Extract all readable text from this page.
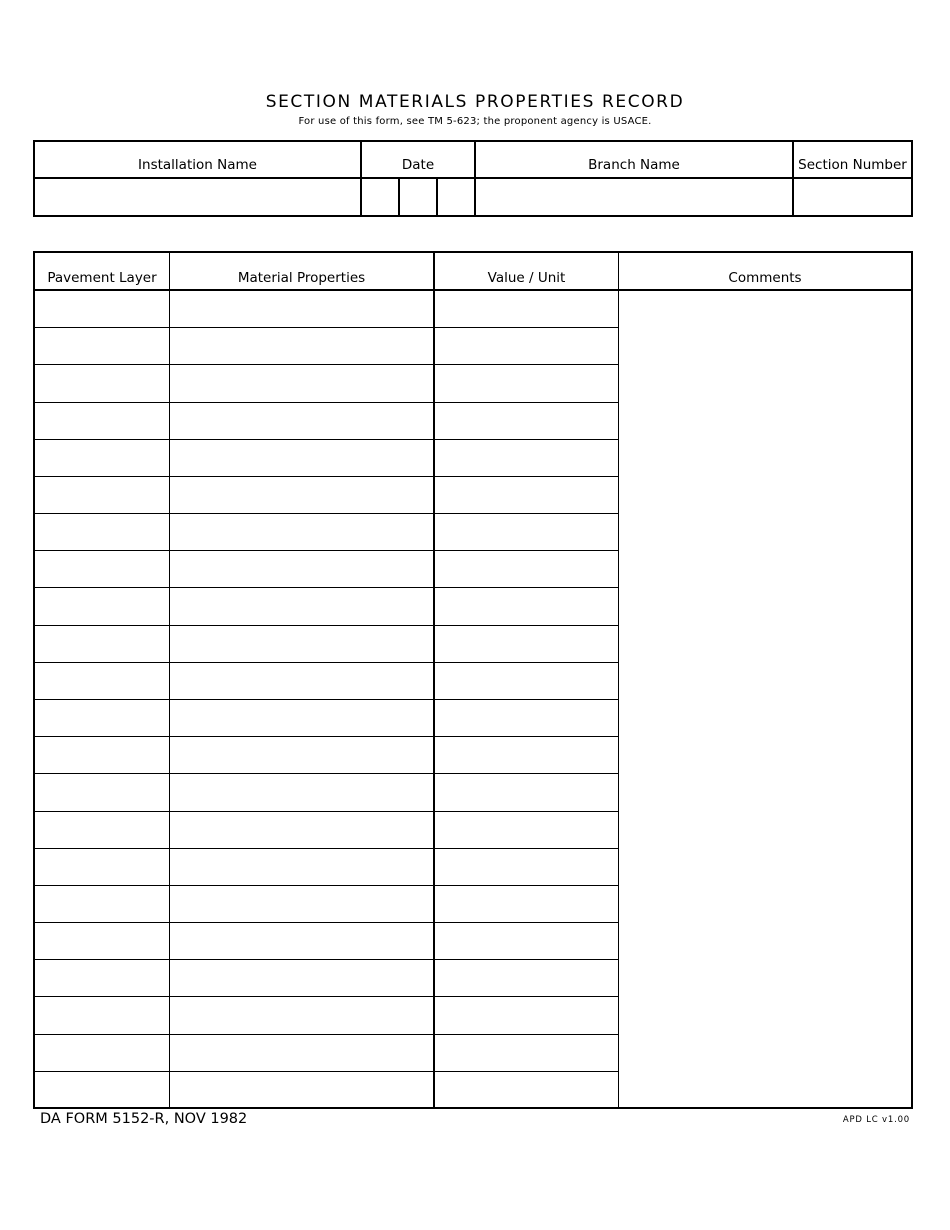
SECTION MATERIALS PROPERTIES RECORD
For use of this form, see TM 5-623; the proponent agency is USACE.
Installation Name	Date	Branch Name	Section Number
Pavement Layer	Material Properties	Value / Unit	Comments
DA FORM 5152-R, NOV 1982	APD LC v1.00
